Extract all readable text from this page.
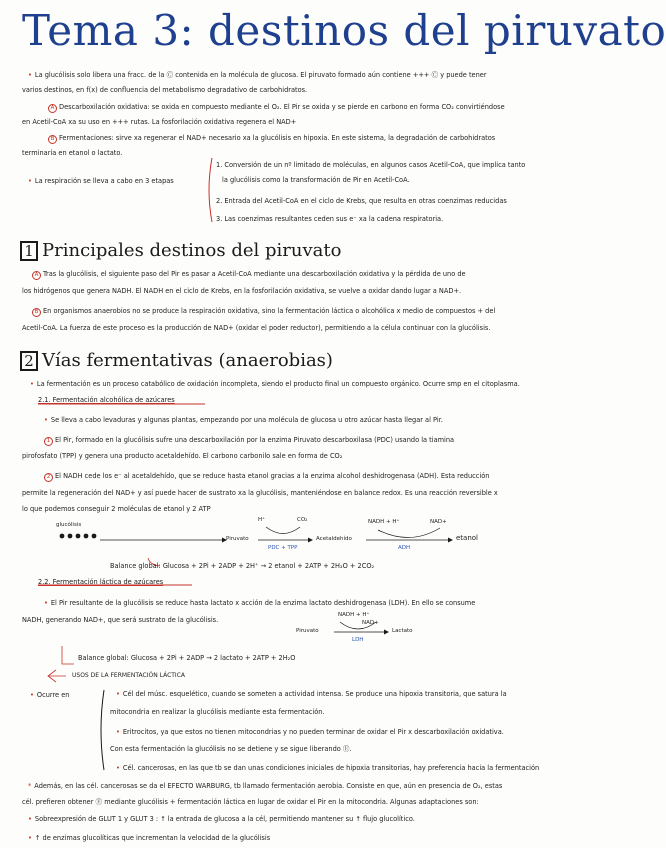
Tema 3: destinos del piruvato
• La glucólisis solo libera una fracc. de la Ⓒ contenida en la molécula de glucosa. El piruvato formado aún contiene +++ Ⓒ y puede tener
varios destinos, en f(x) de confluencia del metabolismo degradativo de carbohidratos.
A Descarboxilación oxidativa: se oxida en compuesto mediante el O₂. El Pir se oxida y se pierde en carbono en forma CO₂ convirtiéndose
en Acetil-CoA xa su uso en +++ rutas. La fosforilación oxidativa regenera el NAD+
B Fermentaciones: sirve xa regenerar el NAD+ necesario xa la glucólisis en hipoxia. En este sistema, la degradación de carbohidratos
terminaría en etanol o lactato.
• La respiración se lleva a cabo en 3 etapas
1. Conversión de un nº limitado de moléculas, en algunos casos Acetil-CoA, que implica tanto
la glucólisis como la transformación de Pir en Acetil-CoA.
2. Entrada del Acetil-CoA en el ciclo de Krebs, que resulta en otras coenzimas reducidas
3. Las coenzimas resultantes ceden sus e⁻ xa la cadena respiratoria.
1 Principales destinos del piruvato
A Tras la glucólisis, el siguiente paso del Pir es pasar a Acetil-CoA mediante una descarboxilación oxidativa y la pérdida de uno de
los hidrógenos que genera NADH. El NADH en el ciclo de Krebs, en la fosforilación oxidativa, se vuelve a oxidar dando lugar a NAD+.
B En organismos anaerobios no se produce la respiración oxidativa, sino la fermentación láctica o alcohólica x medio de compuestos + del
Acetil-CoA. La fuerza de este proceso es la producción de NAD+ (oxidar el poder reductor), permitiendo a la célula continuar con la glucólisis.
2 Vías fermentativas (anaerobias)
• La fermentación es un proceso catabólico de oxidación incompleta, siendo el producto final un compuesto orgánico. Ocurre smp en el citoplasma.
2.1. Fermentación alcohólica de azúcares
• Se lleva a cabo levaduras y algunas plantas, empezando por una molécula de glucosa u otro azúcar hasta llegar al Pir.
1 El Pir, formado en la glucólisis sufre una descarboxilación por la enzima Piruvato descarboxilasa (PDC) usando la tiamina
pirofosfato (TPP) y genera una producto acetaldehído. El carbono carbonilo sale en forma de CO₂
2 El NADH cede los e⁻ al acetaldehído, que se reduce hasta etanol gracias a la enzima alcohol deshidrogenasa (ADH). Esta reducción
permite la regeneración del NAD+ y así puede hacer de sustrato xa la glucólisis, manteniéndose en balance redox. Es una reacción reversible x
lo que podemos conseguir 2 moléculas de etanol y 2 ATP
glucólisis
H⁺	CO₂	NADH + H⁺	NAD+
Piruvato	Acetaldehído	etanol
PDC + TPP	ADH
Balance global: Glucosa + 2Pi + 2ADP + 2H⁺ → 2 etanol + 2ATP + 2H₂O + 2CO₂
2.2. Fermentación láctica de azúcares
• El Pir resultante de la glucólisis se reduce hasta lactato x acción de la enzima lactato deshidrogenasa (LDH). En ello se consume
NADH, generando NAD+, que será sustrato de la glucólisis.
NADH + H⁺
NAD+
Piruvato	Lactato
LDH
Balance global: Glucosa + 2Pi + 2ADP → 2 lactato + 2ATP + 2H₂O
USOS DE LA FERMENTACIÓN LÁCTICA
• Ocurre en	• Cél del músc. esquelético, cuando se someten a actividad intensa. Se produce una hipoxia transitoria, que satura la
mitocondria en realizar la glucólisis mediante esta fermentación.
• Eritrocitos, ya que estos no tienen mitocondrias y no pueden terminar de oxidar el Pir x descarboxilación oxidativa.
Con esta fermentación la glucólisis no se detiene y se sigue liberando Ⓔ.
• Cél. cancerosas, en las que tb se dan unas condiciones iniciales de hipoxia transitorias, hay preferencia hacia la fermentación
* Además, en las cél. cancerosas se da el EFECTO WARBURG, tb llamado fermentación aerobia. Consiste en que, aún en presencia de O₂, estas
cél. prefieren obtener Ⓔ mediante glucólisis + fermentación láctica en lugar de oxidar el Pir en la mitocondria. Algunas adaptaciones son:
• Sobreexpresión de GLUT 1 y GLUT 3 : ↑ la entrada de glucosa a la cél, permitiendo mantener su ↑ flujo glucolítico.
• ↑ de enzimas glucolíticas que incrementan la velocidad de la glucólisis
